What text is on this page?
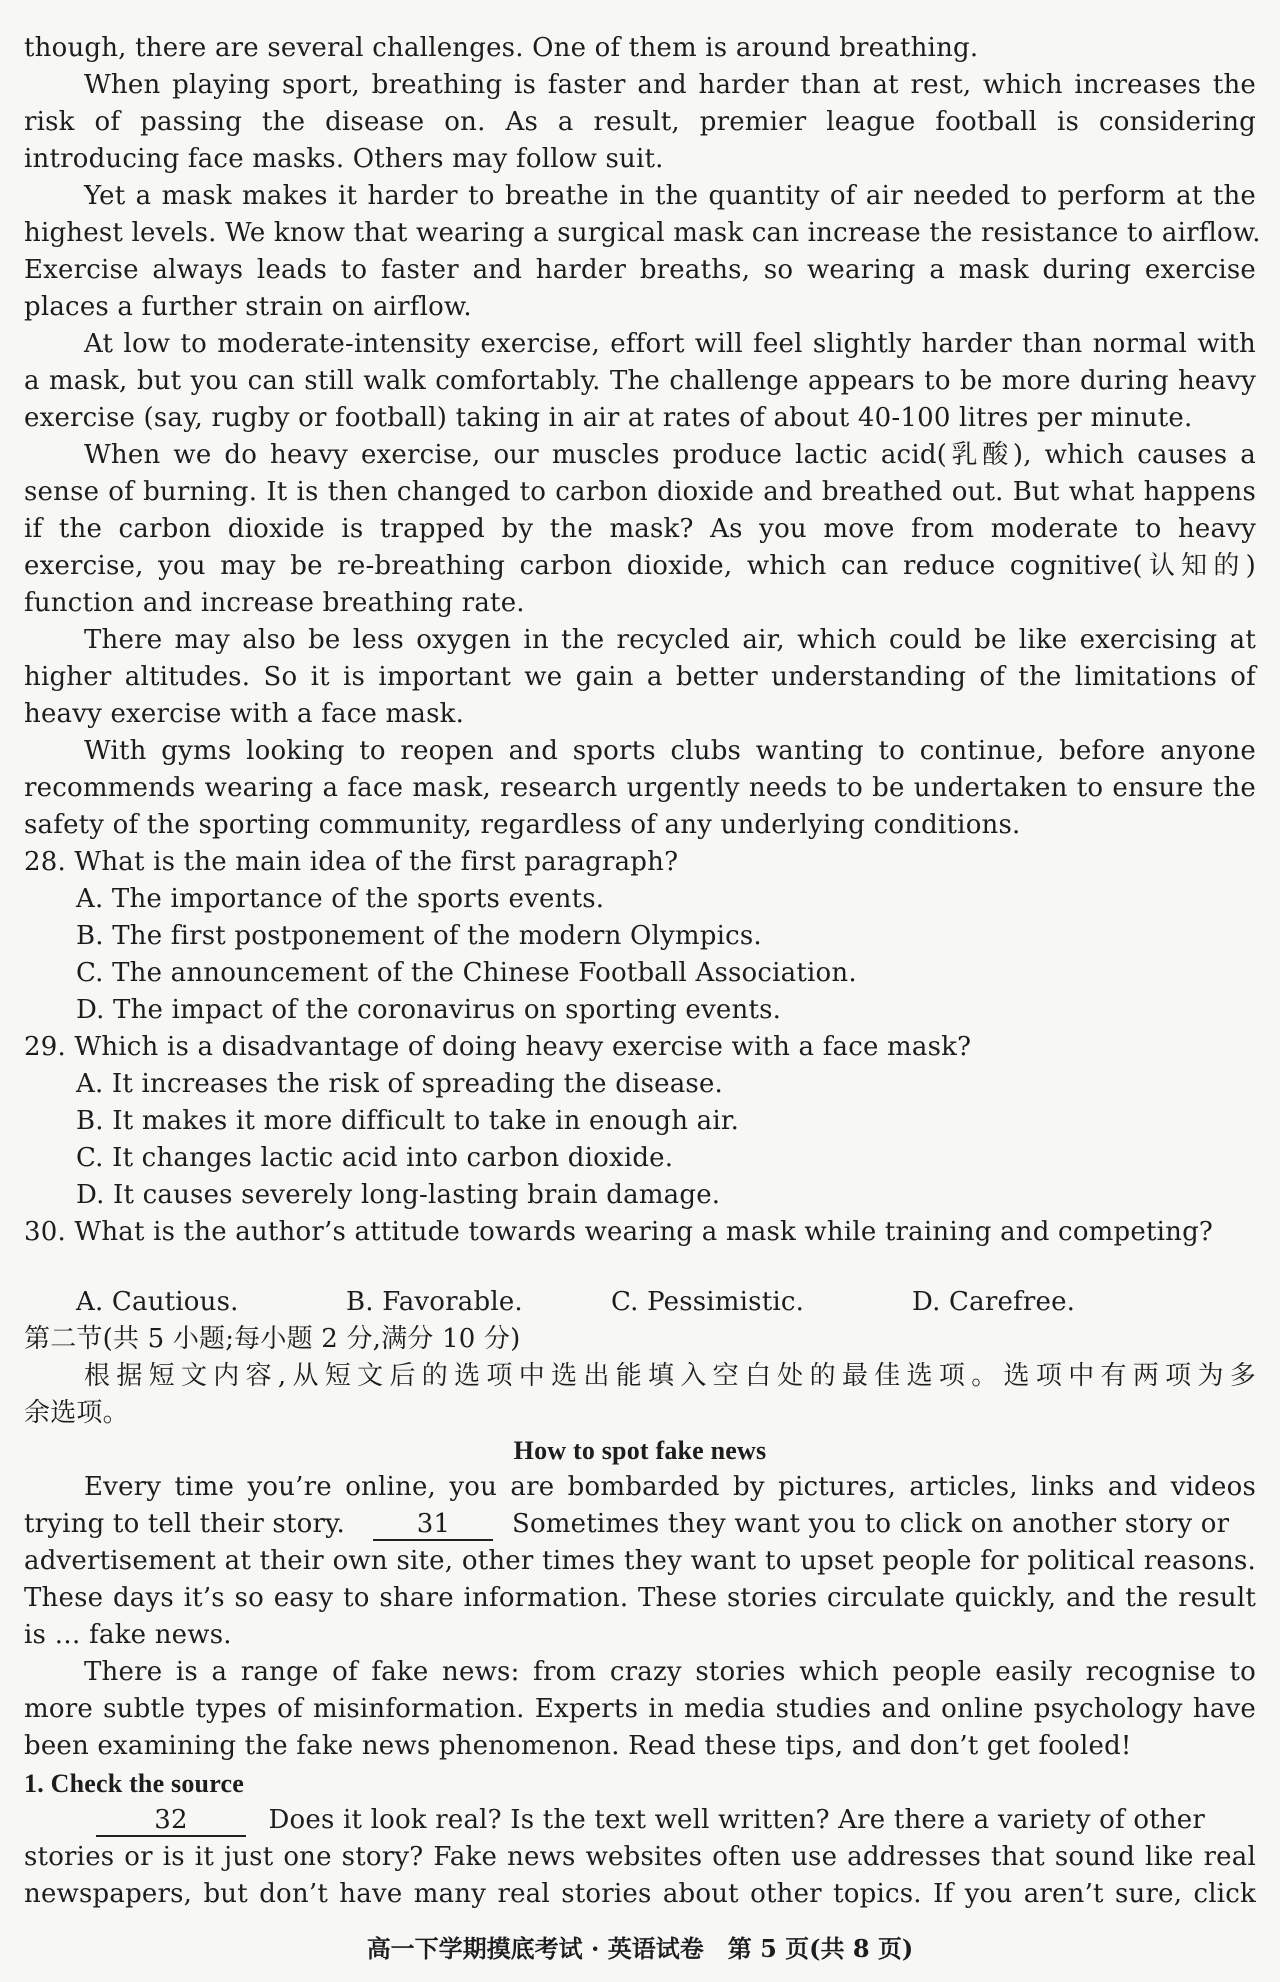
though, there are several challenges. One of them is around breathing.
When playing sport, breathing is faster and harder than at rest, which increases the
risk of passing the disease on. As a result, premier league football is considering
introducing face masks. Others may follow suit.
Yet a mask makes it harder to breathe in the quantity of air needed to perform at the
highest levels. We know that wearing a surgical mask can increase the resistance to airflow.
Exercise always leads to faster and harder breaths, so wearing a mask during exercise
places a further strain on airflow.
At low to moderate-intensity exercise, effort will feel slightly harder than normal with
a mask, but you can still walk comfortably. The challenge appears to be more during heavy
exercise (say, rugby or football) taking in air at rates of about 40-100 litres per minute.
When we do heavy exercise, our muscles produce lactic acid(乳酸), which causes a
sense of burning. It is then changed to carbon dioxide and breathed out. But what happens
if the carbon dioxide is trapped by the mask? As you move from moderate to heavy
exercise, you may be re-breathing carbon dioxide, which can reduce cognitive(认知的)
function and increase breathing rate.
There may also be less oxygen in the recycled air, which could be like exercising at
higher altitudes. So it is important we gain a better understanding of the limitations of
heavy exercise with a face mask.
With gyms looking to reopen and sports clubs wanting to continue, before anyone
recommends wearing a face mask, research urgently needs to be undertaken to ensure the
safety of the sporting community, regardless of any underlying conditions.
28. What is the main idea of the first paragraph?
A. The importance of the sports events.
B. The first postponement of the modern Olympics.
C. The announcement of the Chinese Football Association.
D. The impact of the coronavirus on sporting events.
29. Which is a disadvantage of doing heavy exercise with a face mask?
A. It increases the risk of spreading the disease.
B. It makes it more difficult to take in enough air.
C. It changes lactic acid into carbon dioxide.
D. It causes severely long-lasting brain damage.
30. What is the author’s attitude towards wearing a mask while training and competing?
A. Cautious.	B. Favorable.	C. Pessimistic.	D. Carefree.
第二节(共 5 小题;每小题 2 分,满分 10 分)
根据短文内容,从短文后的选项中选出能填入空白处的最佳选项。选项中有两项为多
余选项。
How to spot fake news
Every time you’re online, you are bombarded by pictures, articles, links and videos
trying to tell their story.	31 Sometimes they want you to click on another story or
advertisement at their own site, other times they want to upset people for political reasons.
These days it’s so easy to share information. These stories circulate quickly, and the result
is … fake news.
There is a range of fake news: from crazy stories which people easily recognise to
more subtle types of misinformation. Experts in media studies and online psychology have
been examining the fake news phenomenon. Read these tips, and don’t get fooled!
1. Check the source
32	Does it look real? Is the text well written? Are there a variety of other
stories or is it just one story? Fake news websites often use addresses that sound like real
newspapers, but don’t have many real stories about other topics. If you aren’t sure, click
高一下学期摸底考试 · 英语试卷　第 5 页(共 8 页)
